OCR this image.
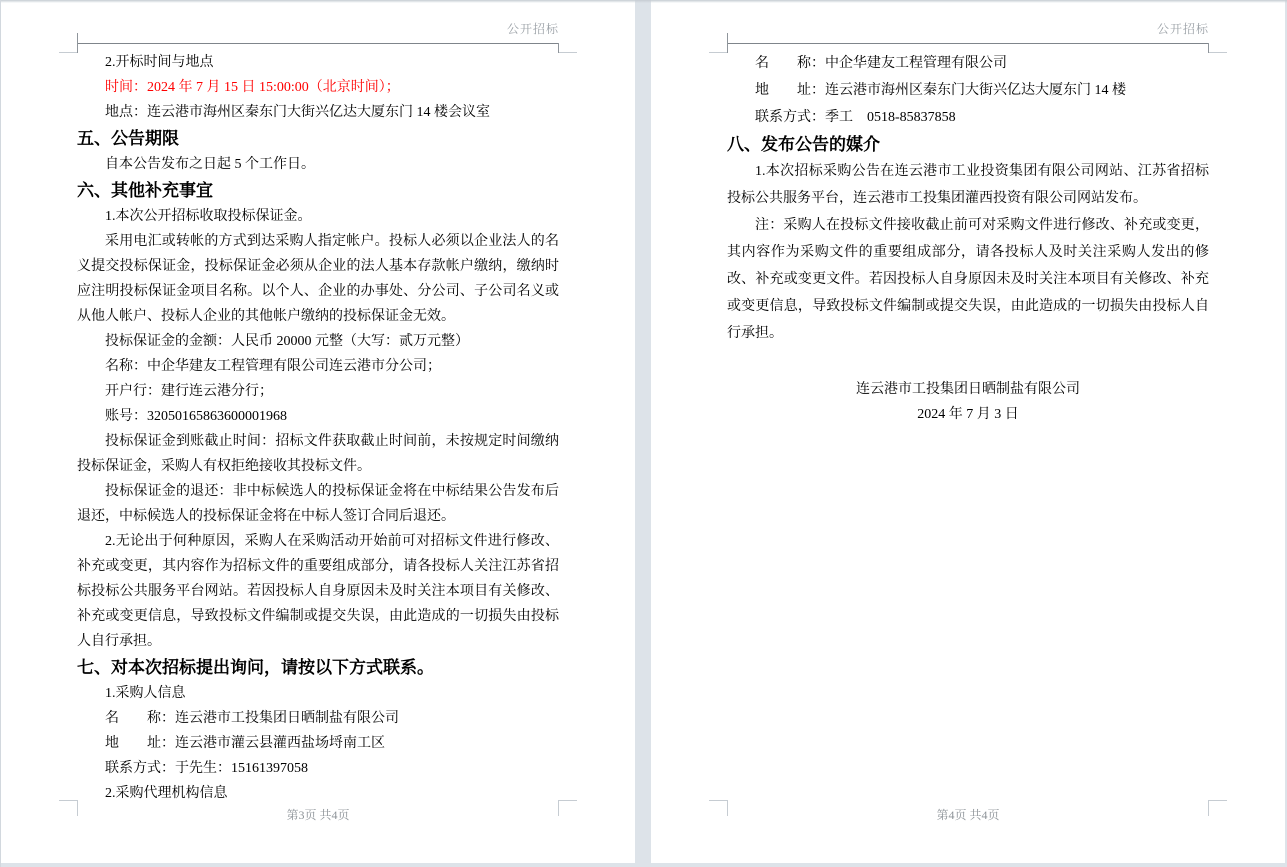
公开招标
2.开标时间与地点
时间：2024 年 7 月 15 日 15:00:00（北京时间）；
地点：连云港市海州区秦东门大街兴亿达大厦东门 14 楼会议室
五、公告期限
自本公告发布之日起 5 个工作日。
六、其他补充事宜
1.本次公开招标收取投标保证金。
采用电汇或转帐的方式到达采购人指定帐户。投标人必须以企业法人的名义提交投标保证金，投标保证金必须从企业的法人基本存款帐户缴纳，缴纳时应注明投标保证金项目名称。以个人、企业的办事处、分公司、子公司名义或从他人帐户、投标人企业的其他帐户缴纳的投标保证金无效。
投标保证金的金额：人民币 20000 元整（大写：贰万元整）
名称：中企华建友工程管理有限公司连云港市分公司；
开户行：建行连云港分行；
账号：32050165863600001968
投标保证金到账截止时间：招标文件获取截止时间前，未按规定时间缴纳投标保证金，采购人有权拒绝接收其投标文件。
投标保证金的退还：非中标候选人的投标保证金将在中标结果公告发布后退还，中标候选人的投标保证金将在中标人签订合同后退还。
2.无论出于何种原因，采购人在采购活动开始前可对招标文件进行修改、补充或变更，其内容作为招标文件的重要组成部分，请各投标人关注江苏省招标投标公共服务平台网站。若因投标人自身原因未及时关注本项目有关修改、补充或变更信息，导致投标文件编制或提交失误，由此造成的一切损失由投标人自行承担。
七、对本次招标提出询问，请按以下方式联系。
1.采购人信息
名　　称：连云港市工投集团日晒制盐有限公司
地　　址：连云港市灌云县灌西盐场埒南工区
联系方式：于先生：15161397058
2.采购代理机构信息
第3页 共4页
公开招标
名　　称：中企华建友工程管理有限公司
地　　址：连云港市海州区秦东门大街兴亿达大厦东门 14 楼
联系方式：季工　0518-85837858
八、发布公告的媒介
1.本次招标采购公告在连云港市工业投资集团有限公司网站、江苏省招标投标公共服务平台，连云港市工投集团灌西投资有限公司网站发布。
注：采购人在投标文件接收截止前可对采购文件进行修改、补充或变更，其内容作为采购文件的重要组成部分，请各投标人及时关注采购人发出的修改、补充或变更文件。若因投标人自身原因未及时关注本项目有关修改、补充或变更信息，导致投标文件编制或提交失误，由此造成的一切损失由投标人自行承担。
连云港市工投集团日晒制盐有限公司
2024 年 7 月 3 日
第4页 共4页
